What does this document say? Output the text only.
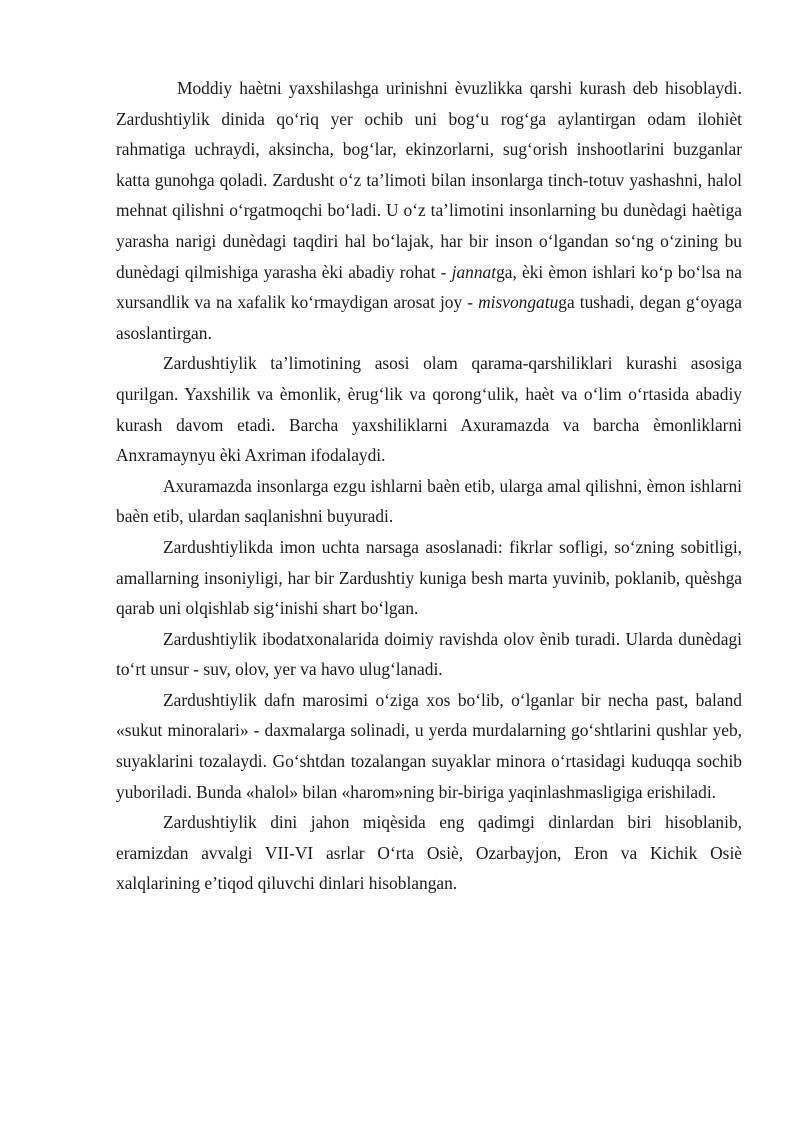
Moddiy haètni yaxshilashga urinishni èvuzlikka qarshi kurash deb hisoblaydi. Zardushtiylik dinida qo‘riq yer ochib uni bog‘u rog‘ga aylantirgan odam ilohièt rahmatiga uchraydi, aksincha, bog‘lar, ekinzorlarni, sug‘orish inshootlarini buzganlar katta gunohga qoladi. Zardusht o‘z ta’limoti bilan insonlarga tinch-totuv yashashni, halol mehnat qilishni o‘rgatmoqchi bo‘ladi. U o‘z ta’limotini insonlarning bu dunèdagi haètiga yarasha narigi dunèdagi taqdiri hal bo‘lajak, har bir inson o‘lgandan so‘ng o‘zining bu dunèdagi qilmishiga yarasha èki abadiy rohat - jannatga, èki èmon ishlari ko‘p bo‘lsa na xursandlik va na xafalik ko‘rmaydigan arosat joy - misvongatuga tushadi, degan g‘oyaga asoslantirgan.

Zardushtiylik ta’limotining asosi olam qarama-qarshiliklari kurashi asosiga qurilgan. Yaxshilik va èmonlik, èrug‘lik va qorong‘ulik, haèt va o‘lim o‘rtasida abadiy kurash davom etadi. Barcha yaxshiliklarni Axuramazda va barcha èmonliklarni Anxramaynyu èki Axriman ifodalaydi.

Axuramazda insonlarga ezgu ishlarni baèn etib, ularga amal qilishni, èmon ishlarni baèn etib, ulardan saqlanishni buyuradi.

Zardushtiylikda imon uchta narsaga asoslanadi: fikrlar sofligi, so‘zning sobitligi, amallarning insoniyligi, har bir Zardushtiy kuniga besh marta yuvinib, poklanib, quèshga qarab uni olqishlab sig‘inishi shart bo‘lgan.

Zardushtiylik ibodatxonalarida doimiy ravishda olov ènib turadi. Ularda dunèdagi to‘rt unsur - suv, olov, yer va havo ulug‘lanadi.

Zardushtiylik dafn marosimi o‘ziga xos bo‘lib, o‘lganlar bir necha past, baland «sukut minoralari» - daxmalarga solinadi, u yerda murdalarning go‘shtlarini qushlar yeb, suyaklarini tozalaydi. Go‘shtdan tozalangan suyaklar minora o‘rtasidagi kuduqqa sochib yuboriladi. Bunda «halol» bilan «harom»ning bir-biriga yaqinlashmasligiga erishiladi.

Zardushtiylik dini jahon miqèsida eng qadimgi dinlardan biri hisoblanib, eramizdan avvalgi VII-VI asrlar O‘rta Osiè, Ozarbayjon, Eron va Kichik Osiè xalqlarining e’tiqod qiluvchi dinlari hisoblangan.
